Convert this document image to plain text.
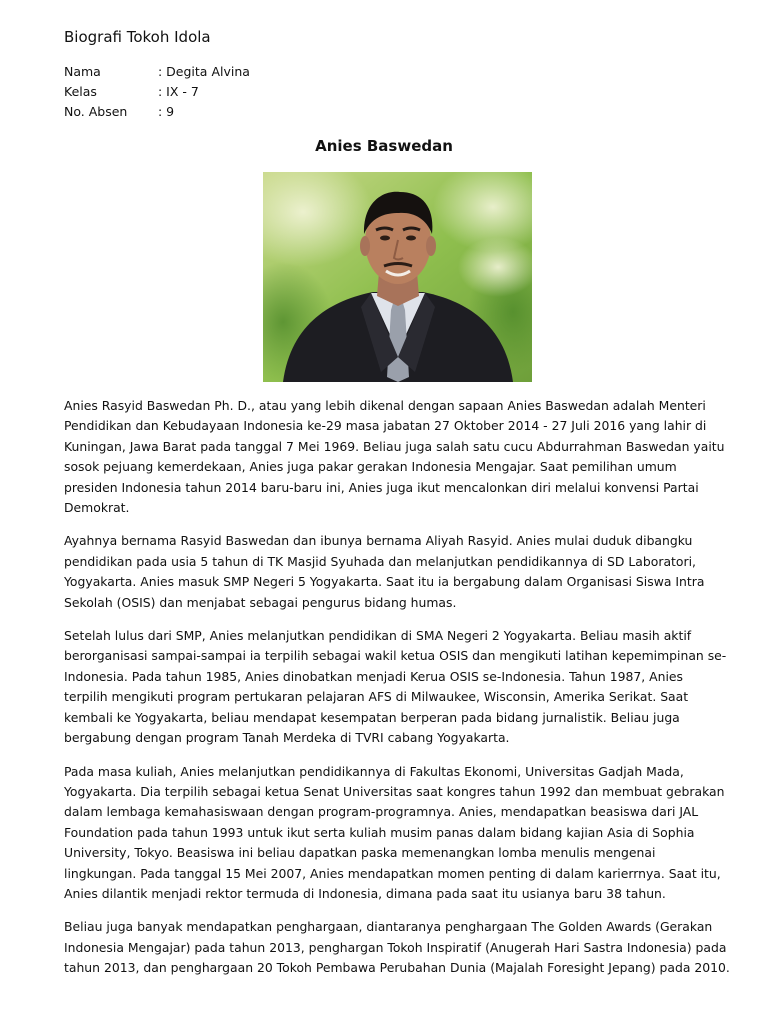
Biografi Tokoh Idola
Nama	: Degita Alvina
Kelas	: IX - 7
No. Absen	: 9
Anies Baswedan

Anies Rasyid Baswedan Ph. D., atau yang lebih dikenal dengan sapaan Anies Baswedan adalah Menteri Pendidikan dan Kebudayaan Indonesia ke-29 masa jabatan 27 Oktober 2014 - 27 Juli 2016 yang lahir di Kuningan, Jawa Barat pada tanggal 7 Mei 1969. Beliau juga salah satu cucu Abdurrahman Baswedan yaitu sosok pejuang kemerdekaan, Anies juga pakar gerakan Indonesia Mengajar. Saat pemilihan umum presiden Indonesia tahun 2014 baru-baru ini, Anies juga ikut mencalonkan diri melalui konvensi Partai Demokrat.

Ayahnya bernama Rasyid Baswedan dan ibunya bernama Aliyah Rasyid. Anies mulai duduk dibangku pendidikan pada usia 5 tahun di TK Masjid Syuhada dan melanjutkan pendidikannya di SD Laboratori, Yogyakarta. Anies masuk SMP Negeri 5 Yogyakarta. Saat itu ia bergabung dalam Organisasi Siswa Intra Sekolah (OSIS) dan menjabat sebagai pengurus bidang humas.

Setelah lulus dari SMP, Anies melanjutkan pendidikan di SMA Negeri 2 Yogyakarta. Beliau masih aktif berorganisasi sampai-sampai ia terpilih sebagai wakil ketua OSIS dan mengikuti latihan kepemimpinan se-Indonesia. Pada tahun 1985, Anies dinobatkan menjadi Kerua OSIS se-Indonesia. Tahun 1987, Anies terpilih mengikuti program pertukaran pelajaran AFS di Milwaukee, Wisconsin, Amerika Serikat. Saat kembali ke Yogyakarta, beliau mendapat kesempatan berperan pada bidang jurnalistik. Beliau juga bergabung dengan program Tanah Merdeka di TVRI cabang Yogyakarta.

Pada masa kuliah, Anies melanjutkan pendidikannya di Fakultas Ekonomi, Universitas Gadjah Mada, Yogyakarta. Dia terpilih sebagai ketua Senat Universitas saat kongres tahun 1992 dan membuat gebrakan dalam lembaga kemahasiswaan dengan program-programnya. Anies, mendapatkan beasiswa dari JAL Foundation pada tahun 1993 untuk ikut serta kuliah musim panas dalam bidang kajian Asia di Sophia University, Tokyo. Beasiswa ini beliau dapatkan paska memenangkan lomba menulis mengenai lingkungan. Pada tanggal 15 Mei 2007, Anies mendapatkan momen penting di dalam karierrnya. Saat itu, Anies dilantik menjadi rektor termuda di Indonesia, dimana pada saat itu usianya baru 38 tahun.

Beliau juga banyak mendapatkan penghargaan, diantaranya penghargaan The Golden Awards (Gerakan Indonesia Mengajar) pada tahun 2013, penghargan Tokoh Inspiratif (Anugerah Hari Sastra Indonesia) pada tahun 2013, dan penghargaan 20 Tokoh Pembawa Perubahan Dunia (Majalah Foresight Jepang) pada 2010.
